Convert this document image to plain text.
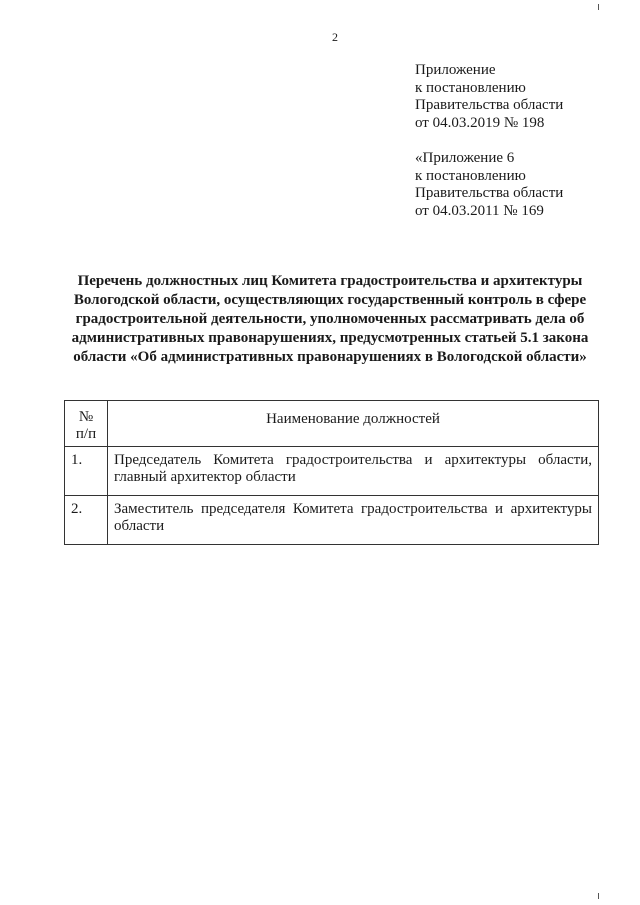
2
Приложение
к постановлению
Правительства области
от 04.03.2019 № 198
«Приложение 6
к постановлению
Правительства области
от 04.03.2011 № 169
Перечень должностных лиц Комитета градостроительства и архитектуры
Вологодской области, осуществляющих государственный контроль в сфере
градостроительной деятельности, уполномоченных рассматривать дела об
административных правонарушениях, предусмотренных статьей 5.1 закона
области «Об административных правонарушениях в Вологодской области»
№
п/п	Наименование должностей
1.	Председатель Комитета градостроительства и архитектуры области, главный архитектор области
2.	Заместитель председателя Комитета градостроительства и архитектуры области
